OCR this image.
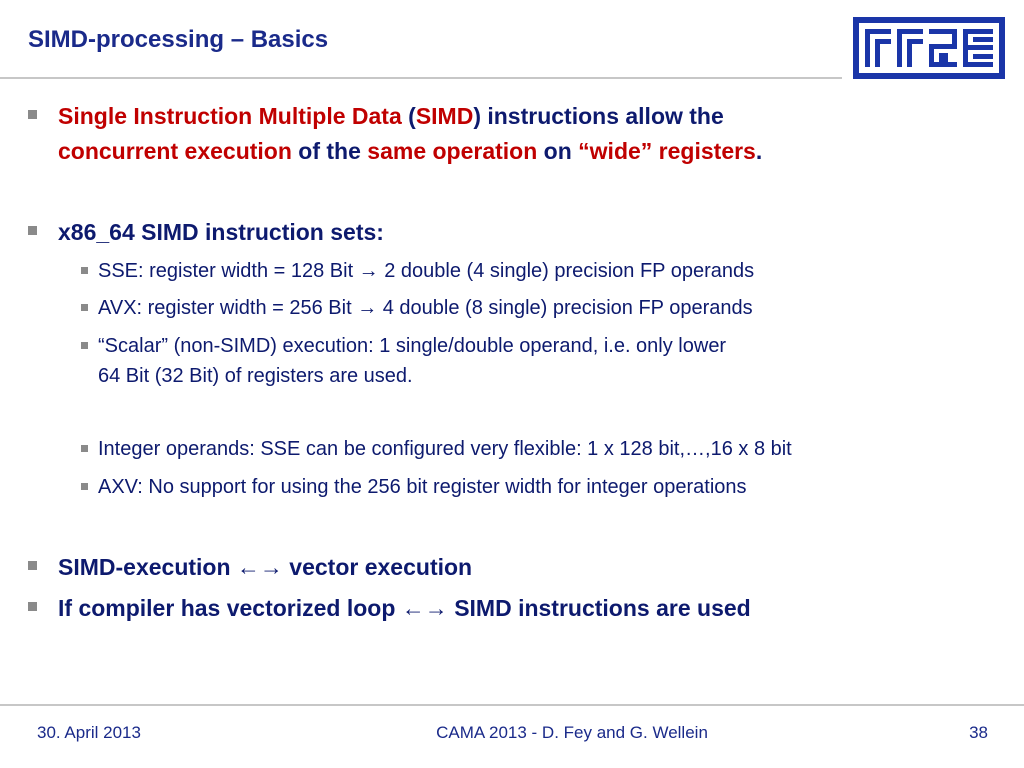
SIMD-processing – Basics
Single Instruction Multiple Data (SIMD) instructions allow the
concurrent execution of the same operation on “wide” registers.
x86_64 SIMD instruction sets:
SSE: register width = 128 Bit → 2 double (4 single) precision FP operands
AVX: register width = 256 Bit → 4 double (8 single) precision FP operands
“Scalar” (non-SIMD) execution: 1 single/double operand, i.e. only lower
64 Bit (32 Bit) of registers are used.
Integer operands: SSE can be configured very flexible: 1 x 128 bit,…,16 x 8 bit
AXV: No support for using the 256 bit register width for integer operations
SIMD-execution ←→ vector execution
If compiler has vectorized loop ←→ SIMD instructions are used
30. April 2013	CAMA 2013 - D. Fey and G. Wellein	38
